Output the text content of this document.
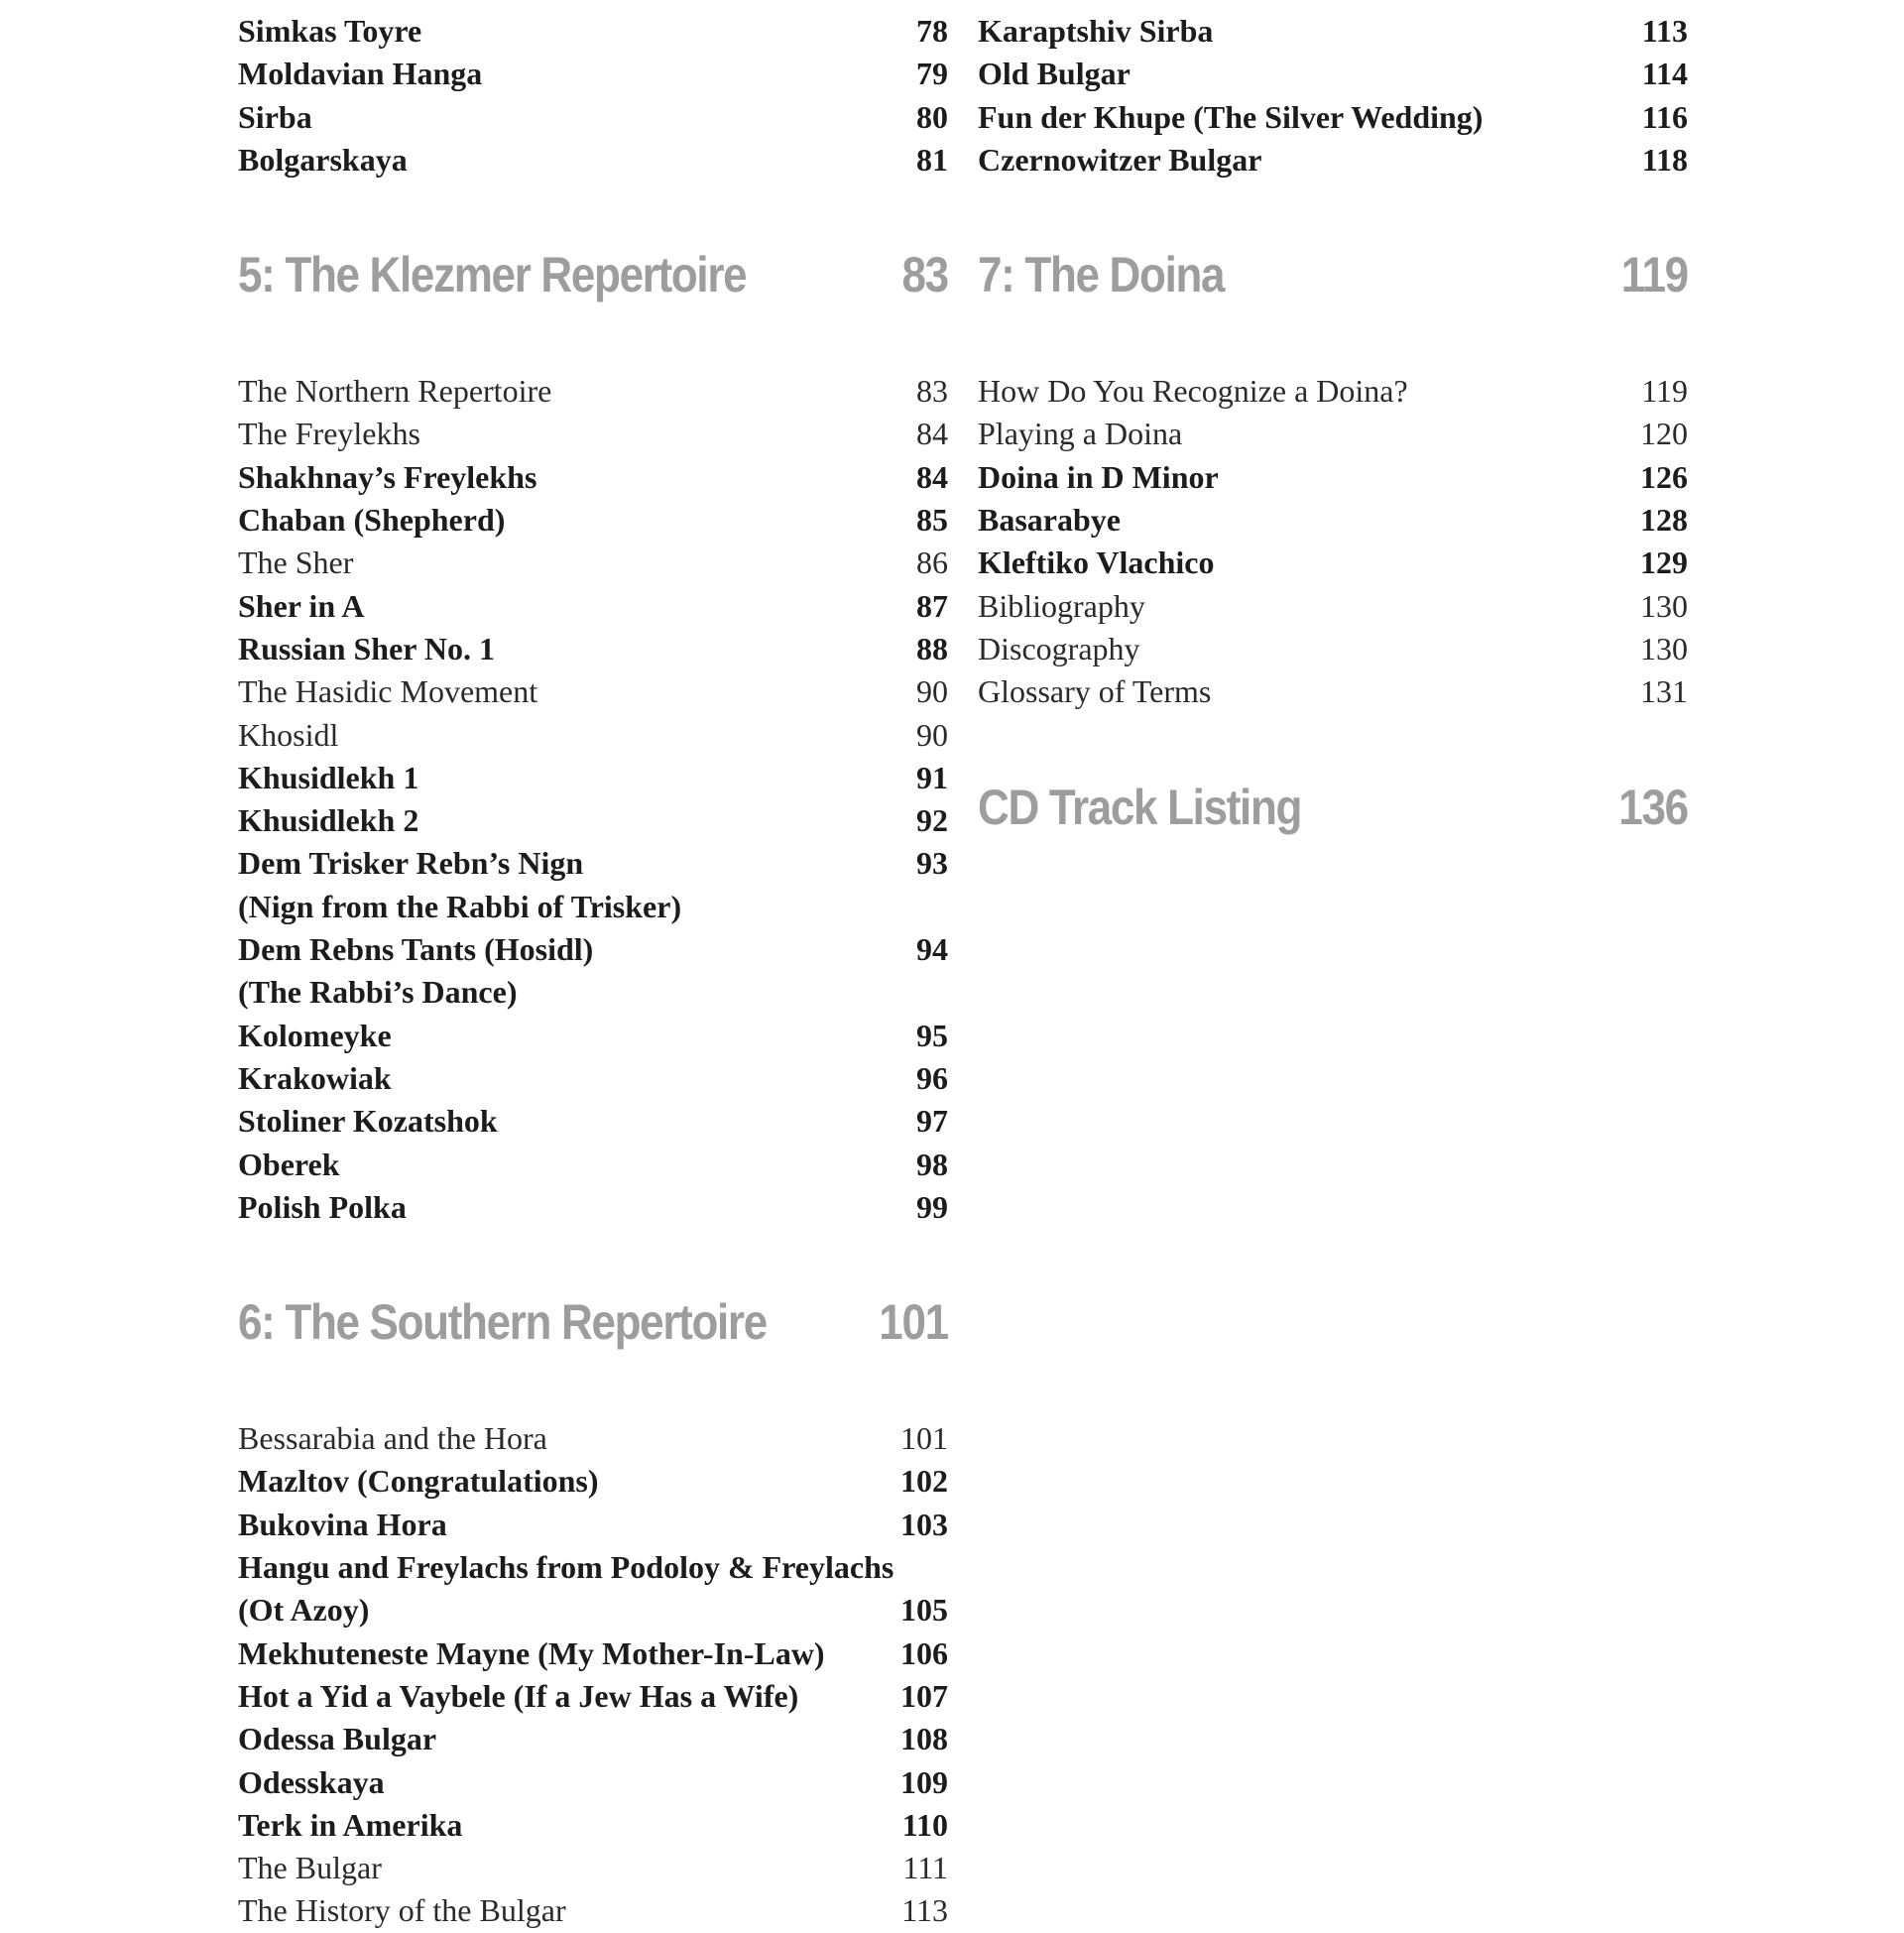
Simkas Toyre	78
Moldavian Hanga	79
Sirba	80
Bolgarskaya	81
5: The Klezmer Repertoire	83
The Northern Repertoire	83
The Freylekhs	84
Shakhnay’s Freylekhs	84
Chaban (Shepherd)	85
The Sher	86
Sher in A	87
Russian Sher No. 1	88
The Hasidic Movement	90
Khosidl	90
Khusidlekh 1	91
Khusidlekh 2	92
Dem Trisker Rebn’s Nign	93
(Nign from the Rabbi of Trisker)
Dem Rebns Tants (Hosidl)	94
(The Rabbi’s Dance)
Kolomeyke	95
Krakowiak	96
Stoliner Kozatshok	97
Oberek	98
Polish Polka	99
6: The Southern Repertoire 101
Bessarabia and the Hora	101
Mazltov (Congratulations)	102
Bukovina Hora	103
Hangu and Freylachs from Podoloy & Freylachs
(Ot Azoy)	105
Mekhuteneste Mayne (My Mother-In-Law) 106
Hot a Yid a Vaybele (If a Jew Has a Wife)	107
Odessa Bulgar	108
Odesskaya	109
Terk in Amerika	110
The Bulgar	111
The History of the Bulgar	113
Karaptshiv Sirba	113
Old Bulgar	114
Fun der Khupe (The Silver Wedding)	116
Czernowitzer Bulgar	118
7: The Doina	119
How Do You Recognize a Doina?	119
Playing a Doina	120
Doina in D Minor	126
Basarabye	128
Kleftiko Vlachico	129
Bibliography	130
Discography	130
Glossary of Terms	131
CD Track Listing	136
